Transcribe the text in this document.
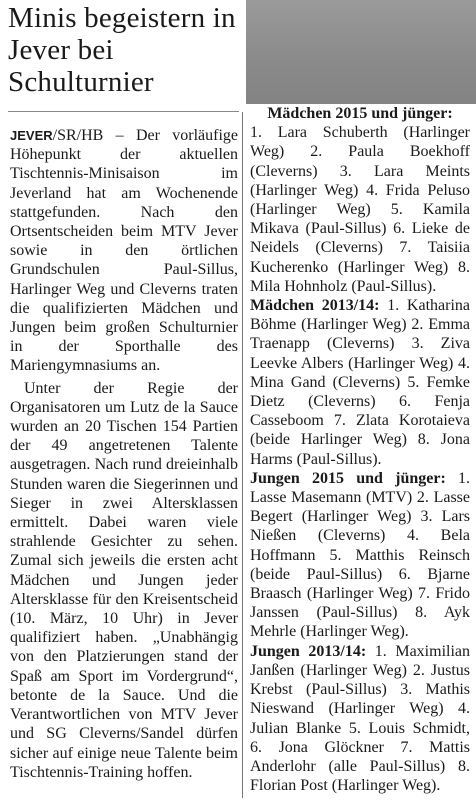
Minis begeistern in Jever bei Schulturnier

JEVER/SR/HB – Der vorläufige Höhepunkt der aktuellen Tischtennis-Minisaison im Jeverland hat am Wochenende stattgefunden. Nach den Ortsentscheiden beim MTV Jever sowie in den örtlichen Grundschulen Paul-Sillus, Harlinger Weg und Cleverns traten die qualifizierten Mädchen und Jungen beim großen Schulturnier in der Sporthalle des Mariengymnasiums an.

Unter der Regie der Organisatoren um Lutz de la Sauce wurden an 20 Tischen 154 Partien der 49 angetretenen Talente ausgetragen. Nach rund dreieinhalb Stunden waren die Siegerinnen und Sieger in zwei Altersklassen ermittelt. Dabei waren viele strahlende Gesichter zu sehen. Zumal sich jeweils die ersten acht Mädchen und Jungen jeder Altersklasse für den Kreisentscheid (10. März, 10 Uhr) in Jever qualifiziert haben. „Unabhängig von den Platzierungen stand der Spaß am Sport im Vordergrund“, betonte de la Sauce. Und die Verantwortlichen von MTV Jever und SG Cleverns/Sandel dürfen sicher auf einige neue Talente beim Tischtennis-Training hoffen.

Mädchen 2015 und jünger:

1. Lara Schuberth (Harlinger Weg) 2. Paula Boekhoff (Cleverns) 3. Lara Meints (Harlinger Weg) 4. Frida Peluso (Harlinger Weg) 5. Kamila Mikava (Paul-Sillus) 6. Lieke de Neidels (Cleverns) 7. Taisiia Kucherenko (Harlinger Weg) 8. Mila Hohnholz (Paul-Sillus).

Mädchen 2013/14: 1. Katharina Böhme (Harlinger Weg) 2. Emma Traenapp (Cleverns) 3. Ziva Leevke Albers (Harlinger Weg) 4. Mina Gand (Cleverns) 5. Femke Dietz (Cleverns) 6. Fenja Casseboom 7. Zlata Korotaieva (beide Harlinger Weg) 8. Jona Harms (Paul-Sillus).

Jungen 2015 und jünger: 1. Lasse Masemann (MTV) 2. Lasse Begert (Harlinger Weg) 3. Lars Nießen (Cleverns) 4. Bela Hoffmann 5. Matthis Reinsch (beide Paul-Sillus) 6. Bjarne Braasch (Harlinger Weg) 7. Frido Janssen (Paul-Sillus) 8. Ayk Mehrle (Harlinger Weg).

Jungen 2013/14: 1. Maximilian Janßen (Harlinger Weg) 2. Justus Krebst (Paul-Sillus) 3. Mathis Nieswand (Harlinger Weg) 4. Julian Blanke 5. Louis Schmidt, 6. Jona Glöckner 7. Mattis Anderlohr (alle Paul-Sillus) 8. Florian Post (Harlinger Weg).
